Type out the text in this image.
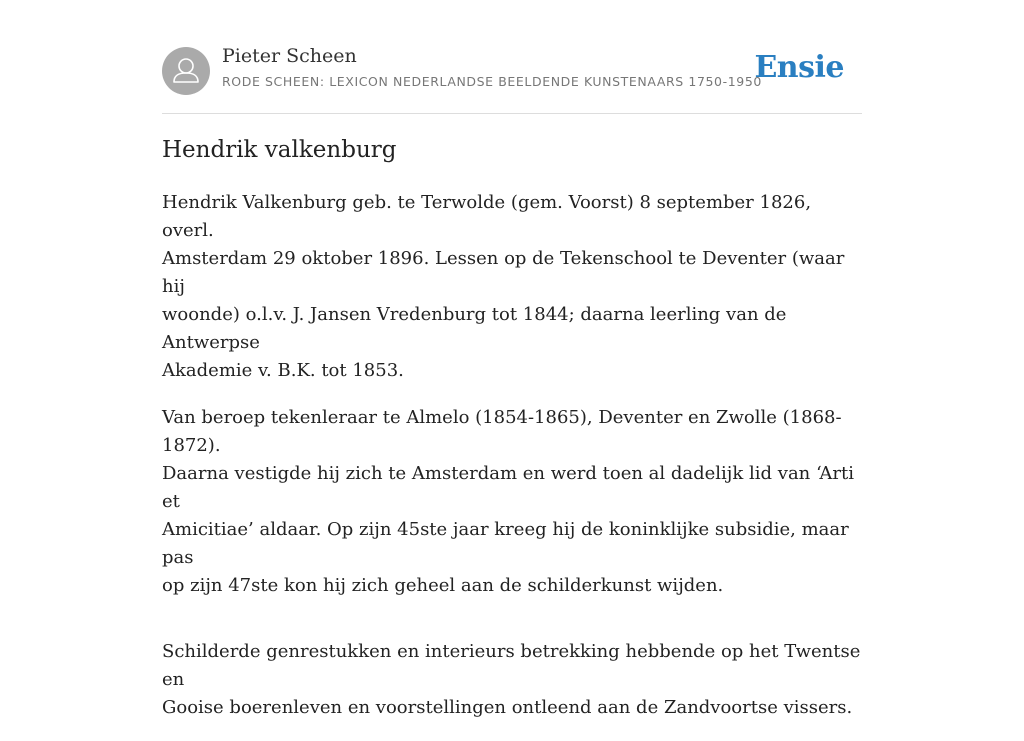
Pieter Scheen
RODE SCHEEN: LEXICON NEDERLANDSE BEELDENDE KUNSTENAARS 1750-1950
Ensie
Hendrik valkenburg

Hendrik Valkenburg geb. te Terwolde (gem. Voorst) 8 september 1826, overl.
Amsterdam 29 oktober 1896. Lessen op de Tekenschool te Deventer (waar hij
woonde) o.l.v. J. Jansen Vredenburg tot 1844; daarna leerling van de Antwerpse
Akademie v. B.K. tot 1853.

Van beroep tekenleraar te Almelo (1854-1865), Deventer en Zwolle (1868-1872).
Daarna vestigde hij zich te Amsterdam en werd toen al dadelijk lid van ‘Arti et
Amicitiae’ aldaar. Op zijn 45ste jaar kreeg hij de koninklijke subsidie, maar pas
op zijn 47ste kon hij zich geheel aan de schilderkunst wijden.

Schilderde genrestukken en interieurs betrekking hebbende op het Twentse en
Gooise boerenleven en voorstellingen ontleend aan de Zandvoortse vissers.
